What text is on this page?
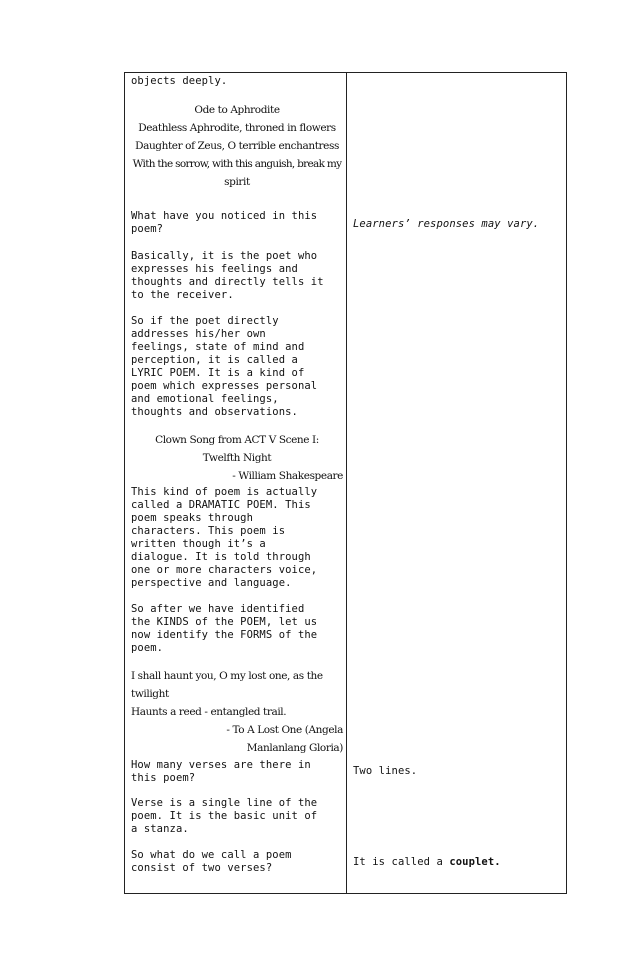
objects deeply.

Ode to Aphrodite

Deathless Aphrodite, throned in flowers

Daughter of Zeus, O terrible enchantress

With the sorrow, with this anguish, break my

spirit

What have you noticed in this
poem?

Basically, it is the poet who
expresses his feelings and
thoughts and directly tells it
to the receiver.

So if the poet directly
addresses his/her own
feelings, state of mind and
perception, it is called a
LYRIC POEM. It is a kind of
poem which expresses personal
and emotional feelings,
thoughts and observations.

Clown Song from ACT V Scene I:

Twelfth Night

- William Shakespeare

This kind of poem is actually
called a DRAMATIC POEM. This
poem speaks through
characters. This poem is
written though it’s a
dialogue. It is told through
one or more characters voice,
perspective and language.

So after we have identified
the KINDS of the POEM, let us
now identify the FORMS of the
poem.

I shall haunt you, O my lost one, as the

twilight

Haunts a reed - entangled trail.

- To A Lost One (Angela

Manlanlang Gloria)

How many verses are there in
this poem?

Verse is a single line of the
poem. It is the basic unit of
a stanza.

So what do we call a poem
consist of two verses?

Learners’ responses may vary.

Two lines.

It is called a couplet.
